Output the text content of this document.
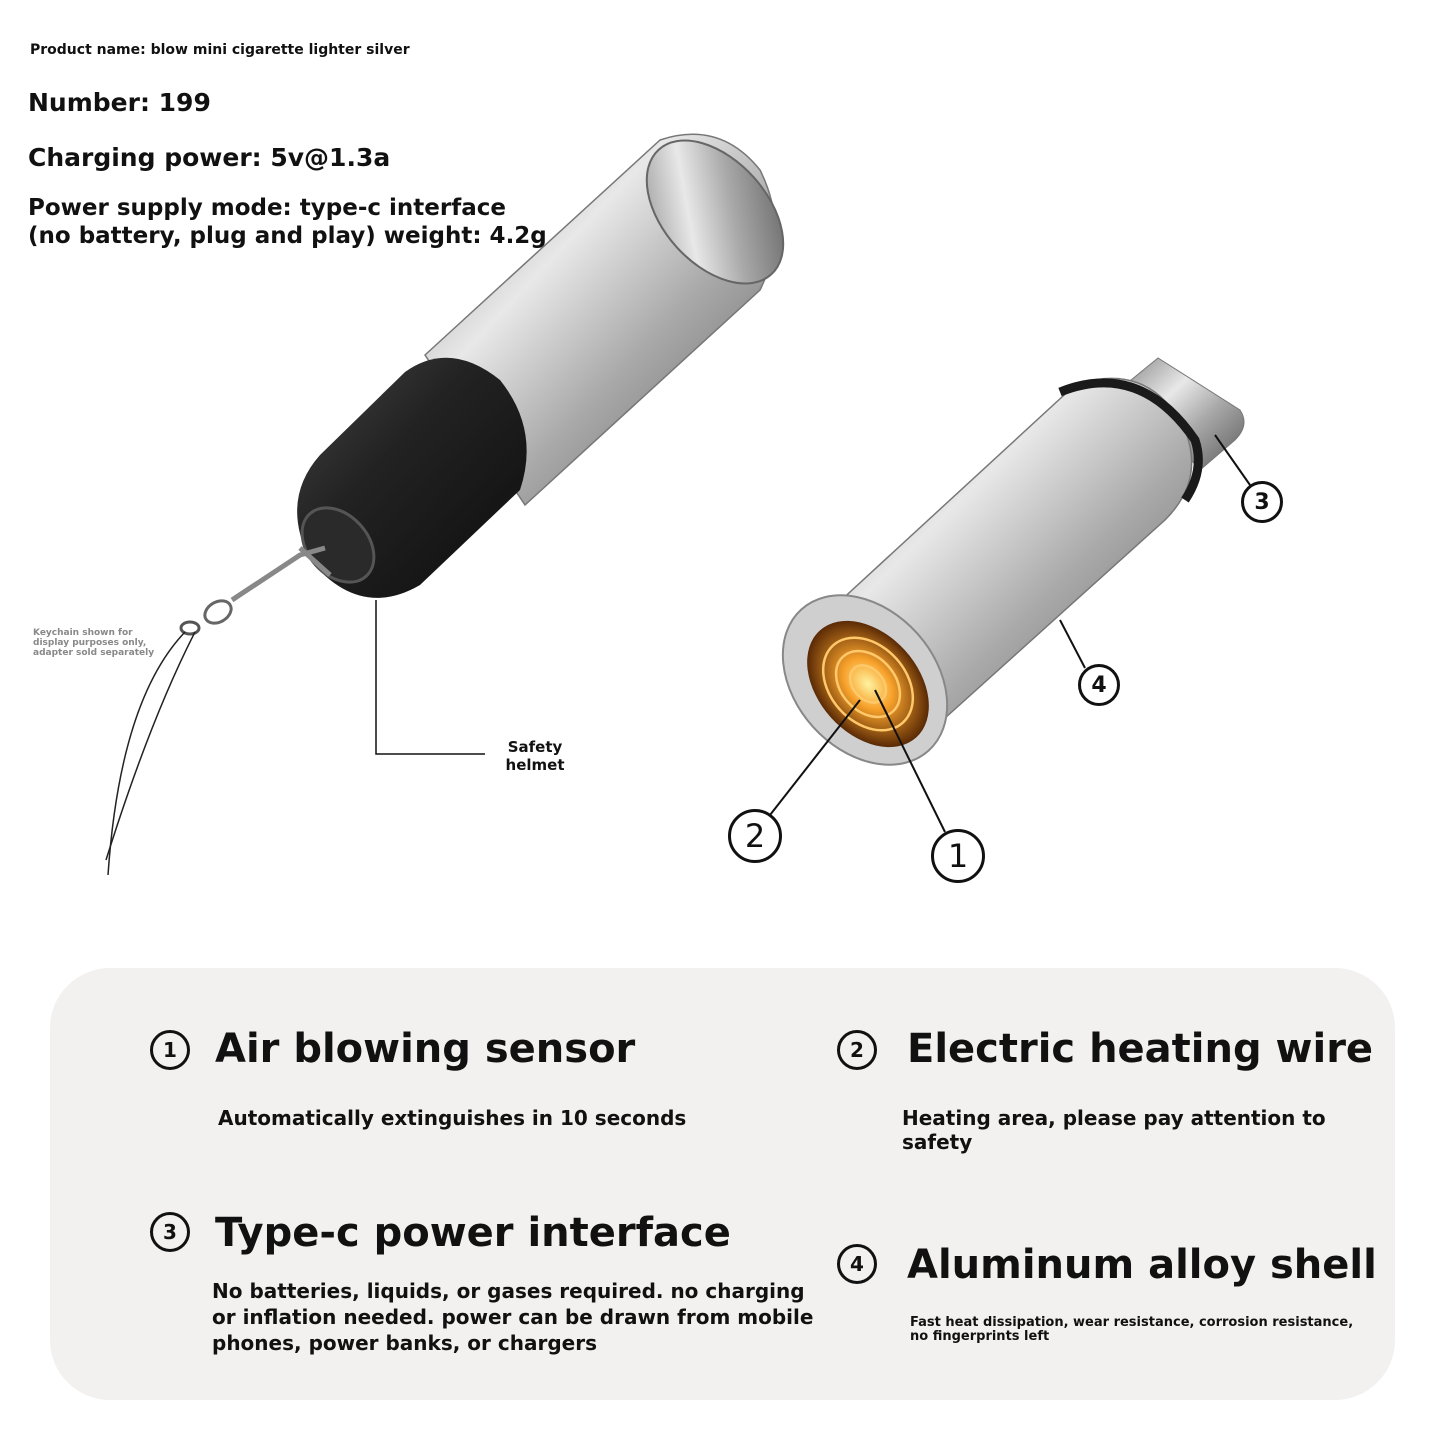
Product name: blow mini cigarette lighter silver
Number: 199
Charging power: 5v@1.3a
Power supply mode: type-c interface (no battery, plug and play) weight: 4.2g
3
4
2
1
Keychain shown for display purposes only, adapter sold separately
Safety helmet
1 Air blowing sensor
Automatically extinguishes in 10 seconds
2	Electric heating wire
Heating area, please pay attention to safety
3 Type-c power interface
No batteries, liquids, or gases required. no charging or inflation needed. power can be drawn from mobile phones, power banks, or chargers
4	Aluminum alloy shell
Fast heat dissipation, wear resistance, corrosion resistance, no fingerprints left
